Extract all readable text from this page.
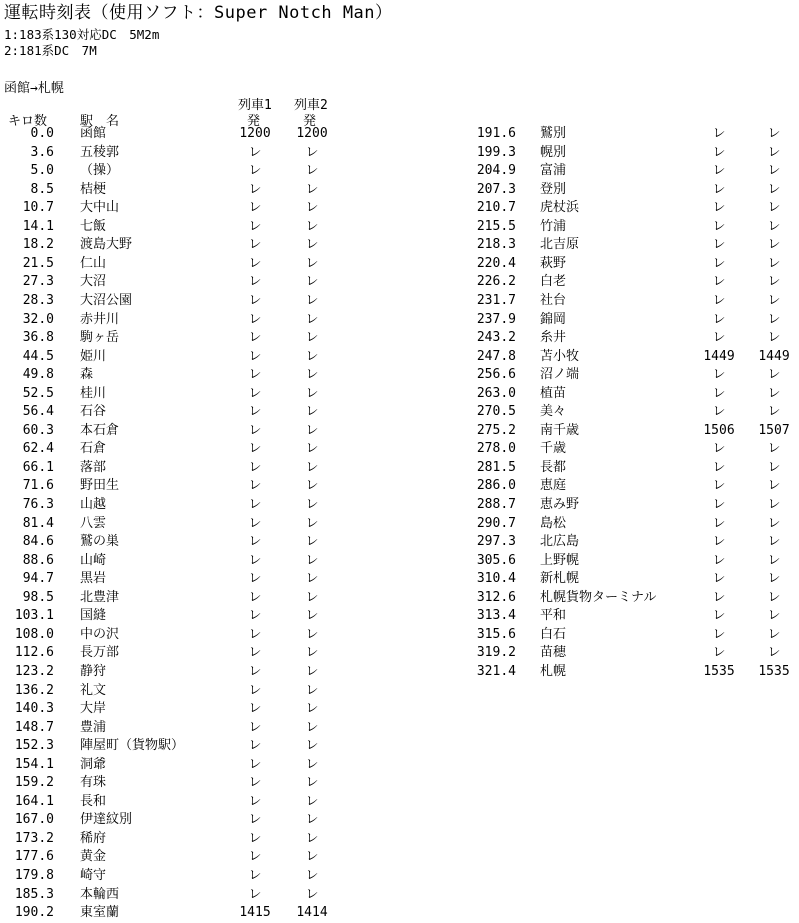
運転時刻表（使用ソフト：Super Notch Man）
1:183系130対応DC　5M2m
2:181系DC　7M
函館→札幌
列車1 列車2
キロ数	駅　名	発	発
0.0 函館	1200	1200
3.6 五稜郭	レ	レ
5.0 （操）	レ	レ
8.5 桔梗	レ	レ
10.7 大中山	レ	レ
14.1 七飯	レ	レ
18.2 渡島大野	レ	レ
21.5 仁山	レ	レ
27.3 大沼	レ	レ
28.3 大沼公園	レ	レ
32.0 赤井川	レ	レ
36.8 駒ヶ岳	レ	レ
44.5 姫川	レ	レ
49.8 森	レ	レ
52.5 桂川	レ	レ
56.4 石谷	レ	レ
60.3 本石倉	レ	レ
62.4 石倉	レ	レ
66.1 落部	レ	レ
71.6 野田生	レ	レ
76.3 山越	レ	レ
81.4 八雲	レ	レ
84.6 鷲の巣	レ	レ
88.6 山崎	レ	レ
94.7 黒岩	レ	レ
98.5 北豊津	レ	レ
103.1 国縫	レ	レ
108.0 中の沢	レ	レ
112.6 長万部	レ	レ
123.2 静狩	レ	レ
136.2 礼文	レ	レ
140.3 大岸	レ	レ
148.7 豊浦	レ	レ
152.3 陣屋町（貨物駅）	レ	レ
154.1 洞爺	レ	レ
159.2 有珠	レ	レ
164.1 長和	レ	レ
167.0 伊達紋別	レ	レ
173.2 稀府	レ	レ
177.6 黄金	レ	レ
179.8 崎守	レ	レ
185.3 本輪西	レ	レ
190.2 東室蘭	1415	1414
191.6 鷲別	レ	レ
199.3 幌別	レ	レ
204.9 富浦	レ	レ
207.3 登別	レ	レ
210.7 虎杖浜	レ	レ
215.5 竹浦	レ	レ
218.3 北吉原	レ	レ
220.4 萩野	レ	レ
226.2 白老	レ	レ
231.7 社台	レ	レ
237.9 錦岡	レ	レ
243.2 糸井	レ	レ
247.8 苫小牧	1449	1449
256.6 沼ノ端	レ	レ
263.0 植苗	レ	レ
270.5 美々	レ	レ
275.2 南千歳	1506	1507
278.0 千歳	レ	レ
281.5 長都	レ	レ
286.0 恵庭	レ	レ
288.7 恵み野	レ	レ
290.7 島松	レ	レ
297.3 北広島	レ	レ
305.6 上野幌	レ	レ
310.4 新札幌	レ	レ
312.6 札幌貨物ターミナル	レ	レ
313.4 平和	レ	レ
315.6 白石	レ	レ
319.2 苗穂	レ	レ
321.4 札幌	1535	1535
